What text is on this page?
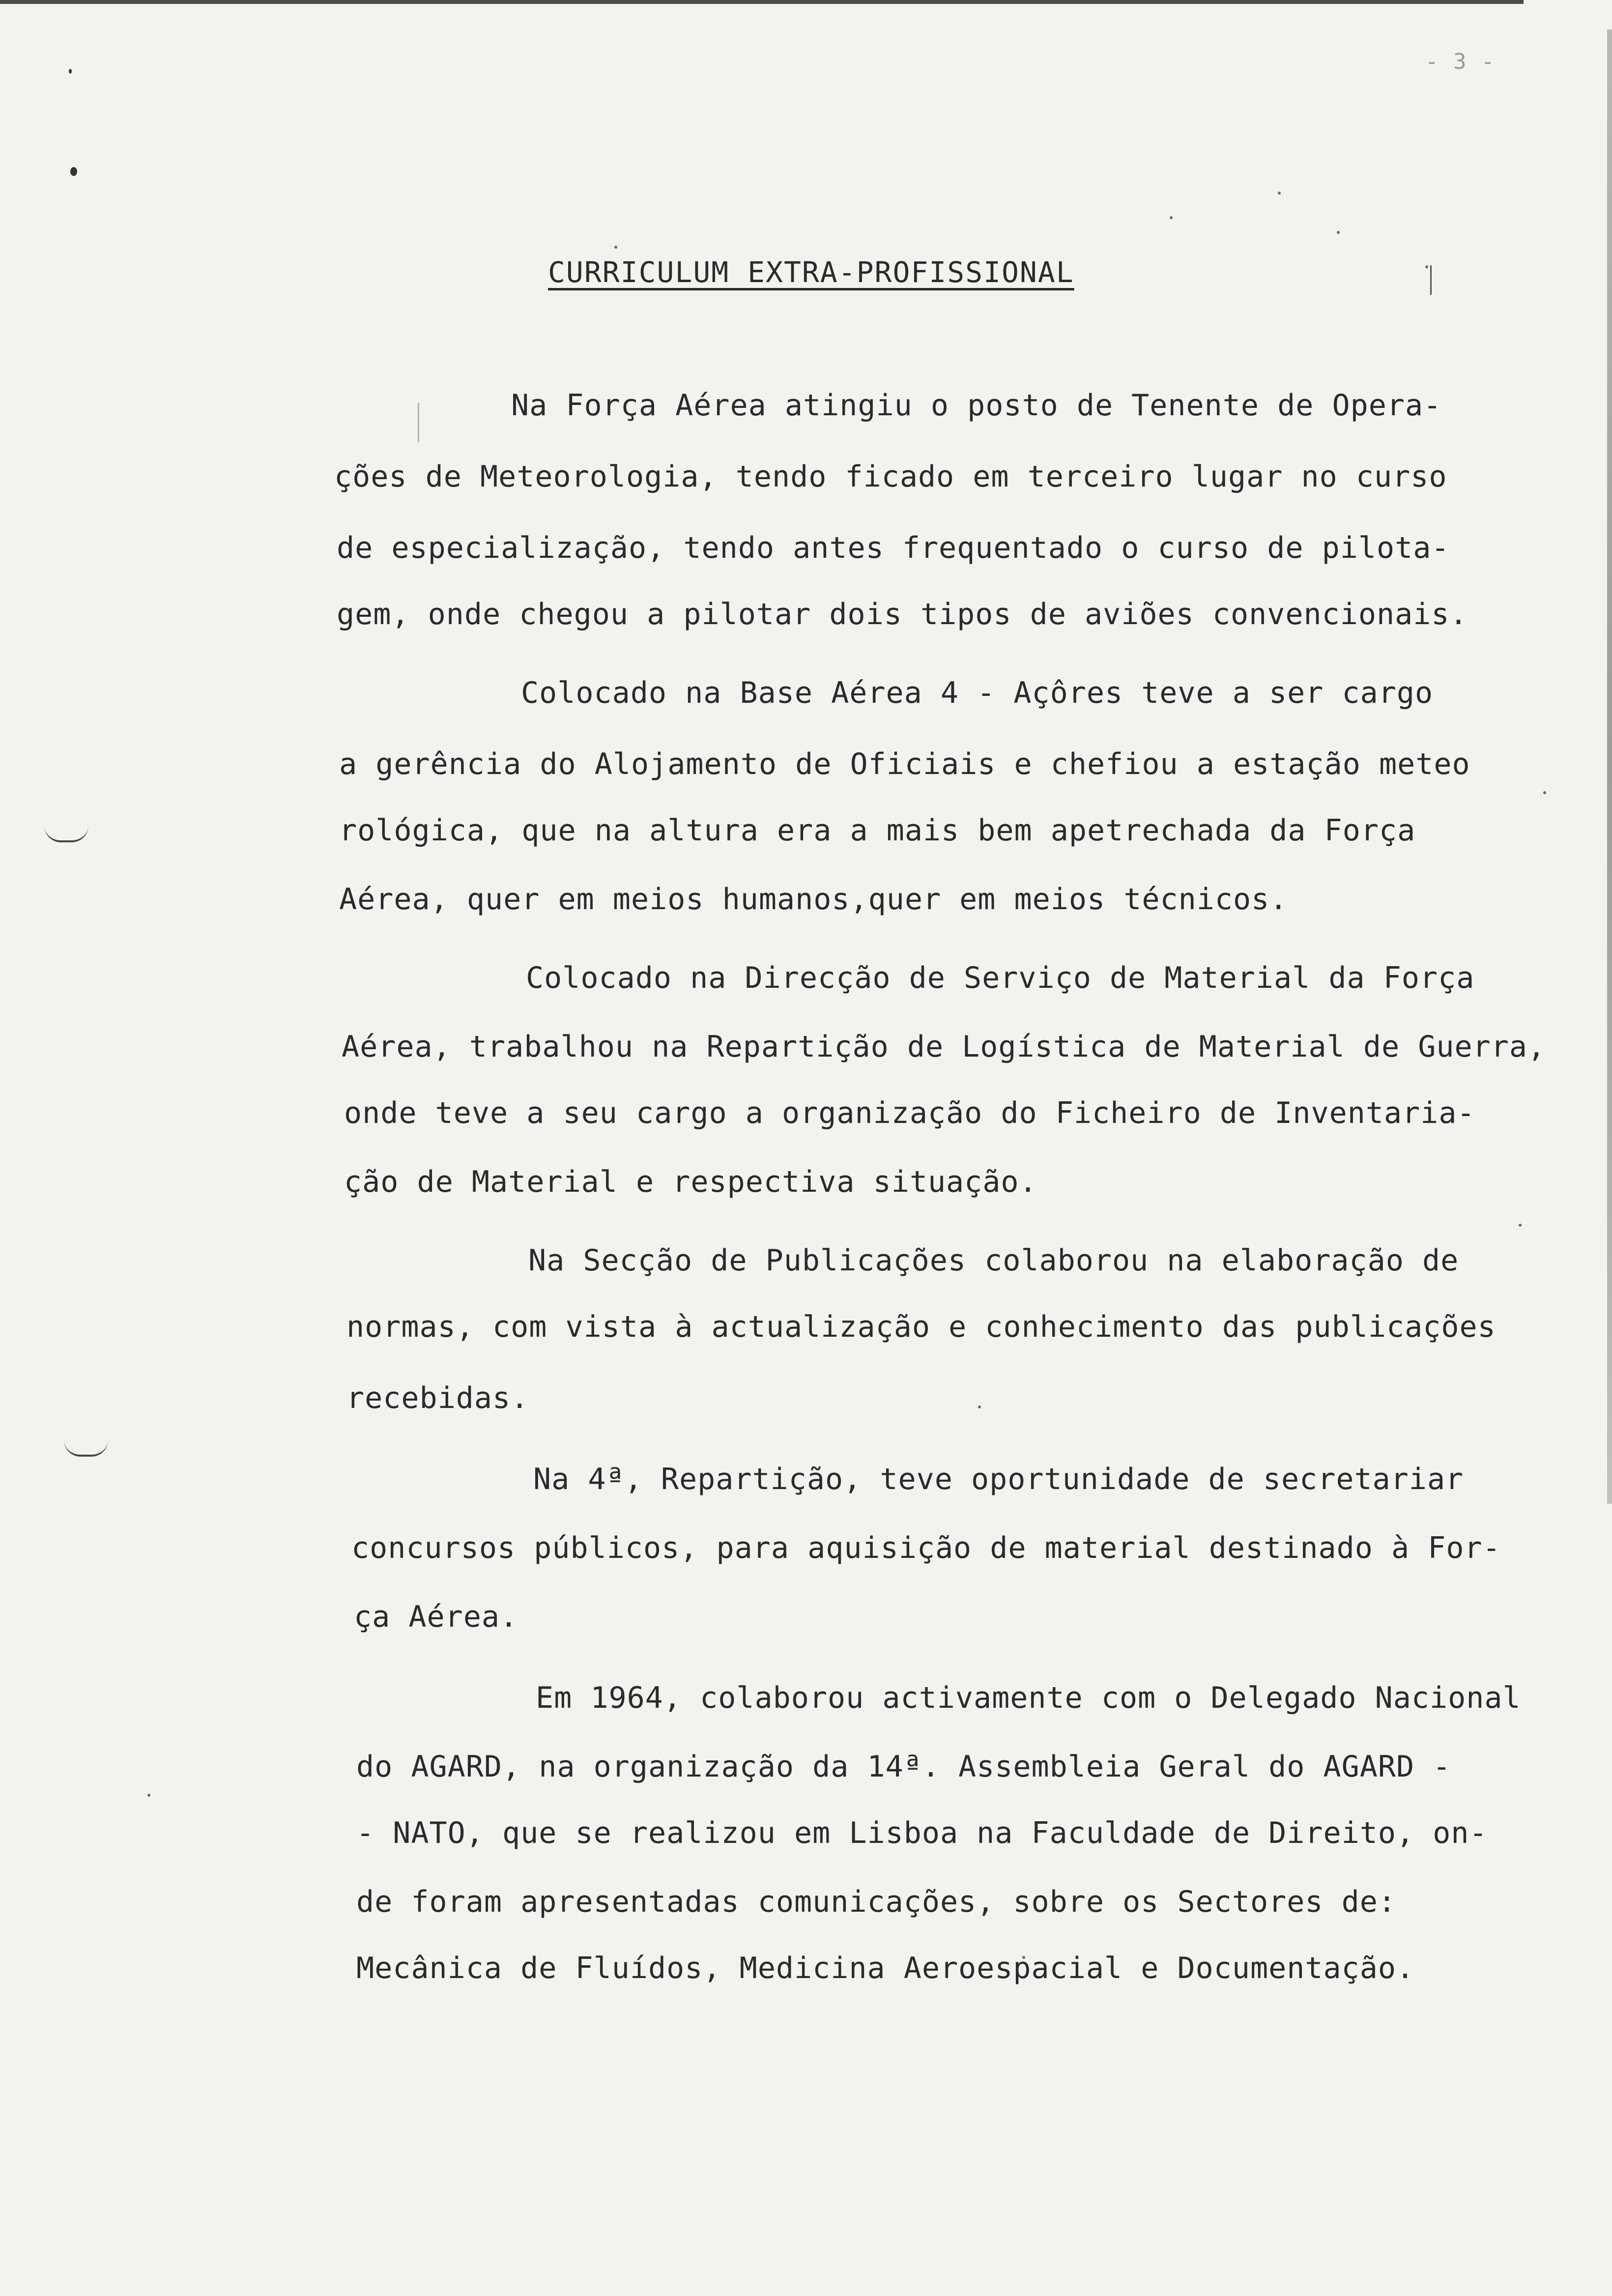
- 3 -
CURRICULUM EXTRA-PROFISSIONAL
Na Força Aérea atingiu o posto de Tenente de Opera-
ções de Meteorologia, tendo ficado em terceiro lugar no curso
de especialização, tendo antes frequentado o curso de pilota-
gem, onde chegou a pilotar dois tipos de aviões convencionais.
Colocado na Base Aérea 4 - Açôres teve a ser cargo
a gerência do Alojamento de Oficiais e chefiou a estação meteo
rológica, que na altura era a mais bem apetrechada da Força
Aérea, quer em meios humanos,quer em meios técnicos.
Colocado na Direcção de Serviço de Material da Força
Aérea, trabalhou na Repartição de Logística de Material de Guerra,
onde teve a seu cargo a organização do Ficheiro de Inventaria-
ção de Material e respectiva situação.
Na Secção de Publicações colaborou na elaboração de
normas, com vista à actualização e conhecimento das publicações
recebidas.
Na 4ª, Repartição, teve oportunidade de secretariar
concursos públicos, para aquisição de material destinado à For-
ça Aérea.
Em 1964, colaborou activamente com o Delegado Nacional
do AGARD, na organização da 14ª. Assembleia Geral do AGARD -
- NATO, que se realizou em Lisboa na Faculdade de Direito, on-
de foram apresentadas comunicações, sobre os Sectores de:
Mecânica de Fluídos, Medicina Aeroespacial e Documentação.
